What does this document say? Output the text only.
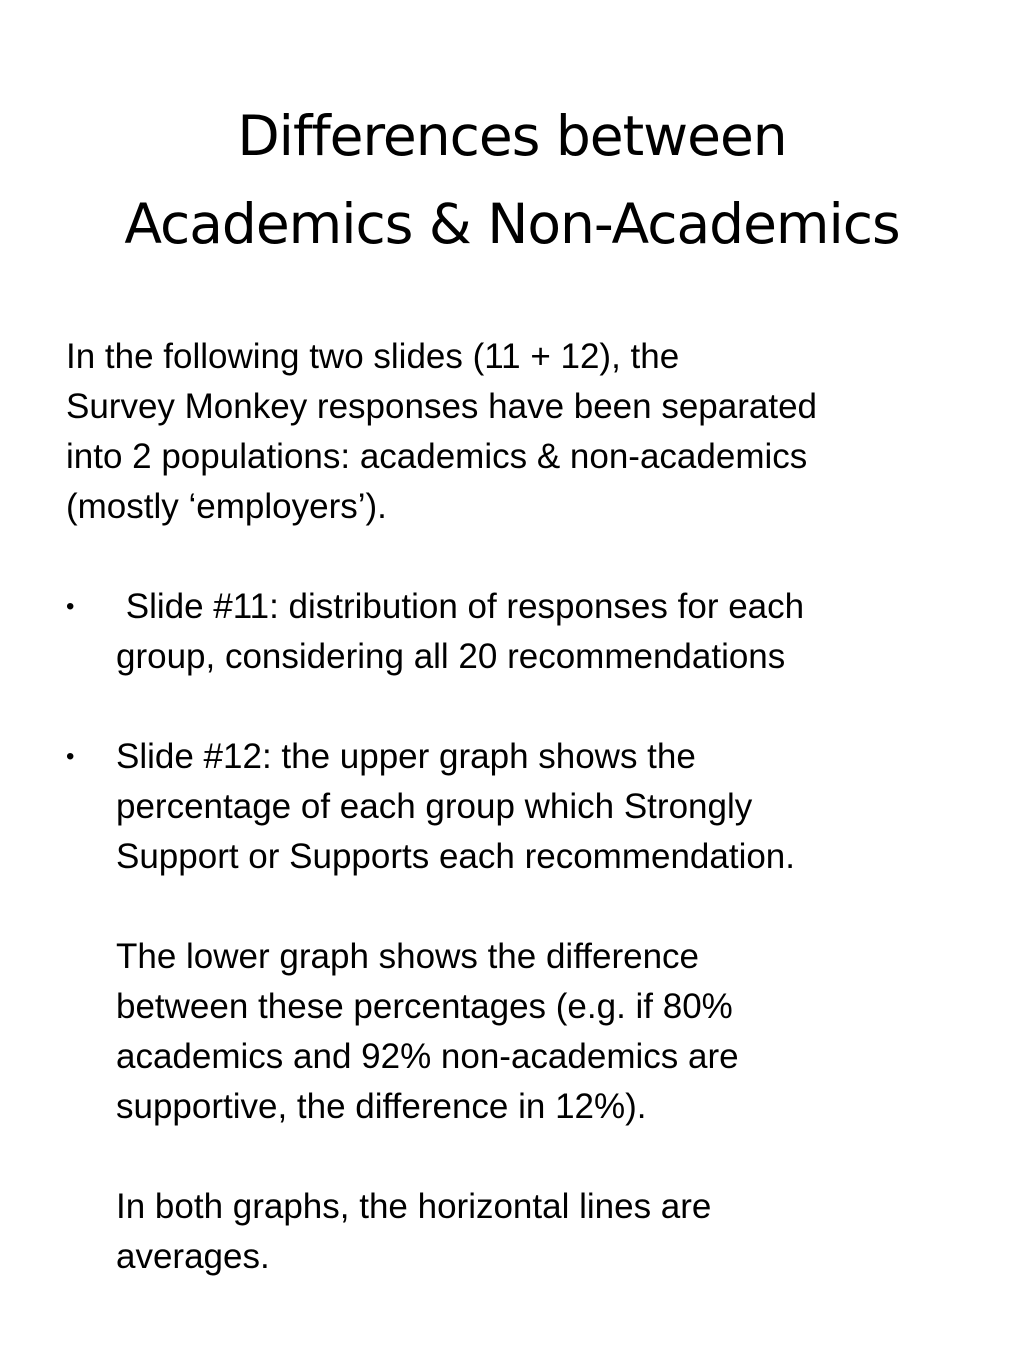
Differences between
Academics & Non-Academics

In the following two slides (11 + 12), the
Survey Monkey responses have been separated
into 2 populations: academics & non-academics
(mostly ‘employers’).

• Slide #11: distribution of responses for each
group, considering all 20 recommendations

• Slide #12: the upper graph shows the
percentage of each group which Strongly
Support or Supports each recommendation.

The lower graph shows the difference
between these percentages (e.g. if 80%
academics and 92% non-academics are
supportive, the difference in 12%).

In both graphs, the horizontal lines are
averages.
